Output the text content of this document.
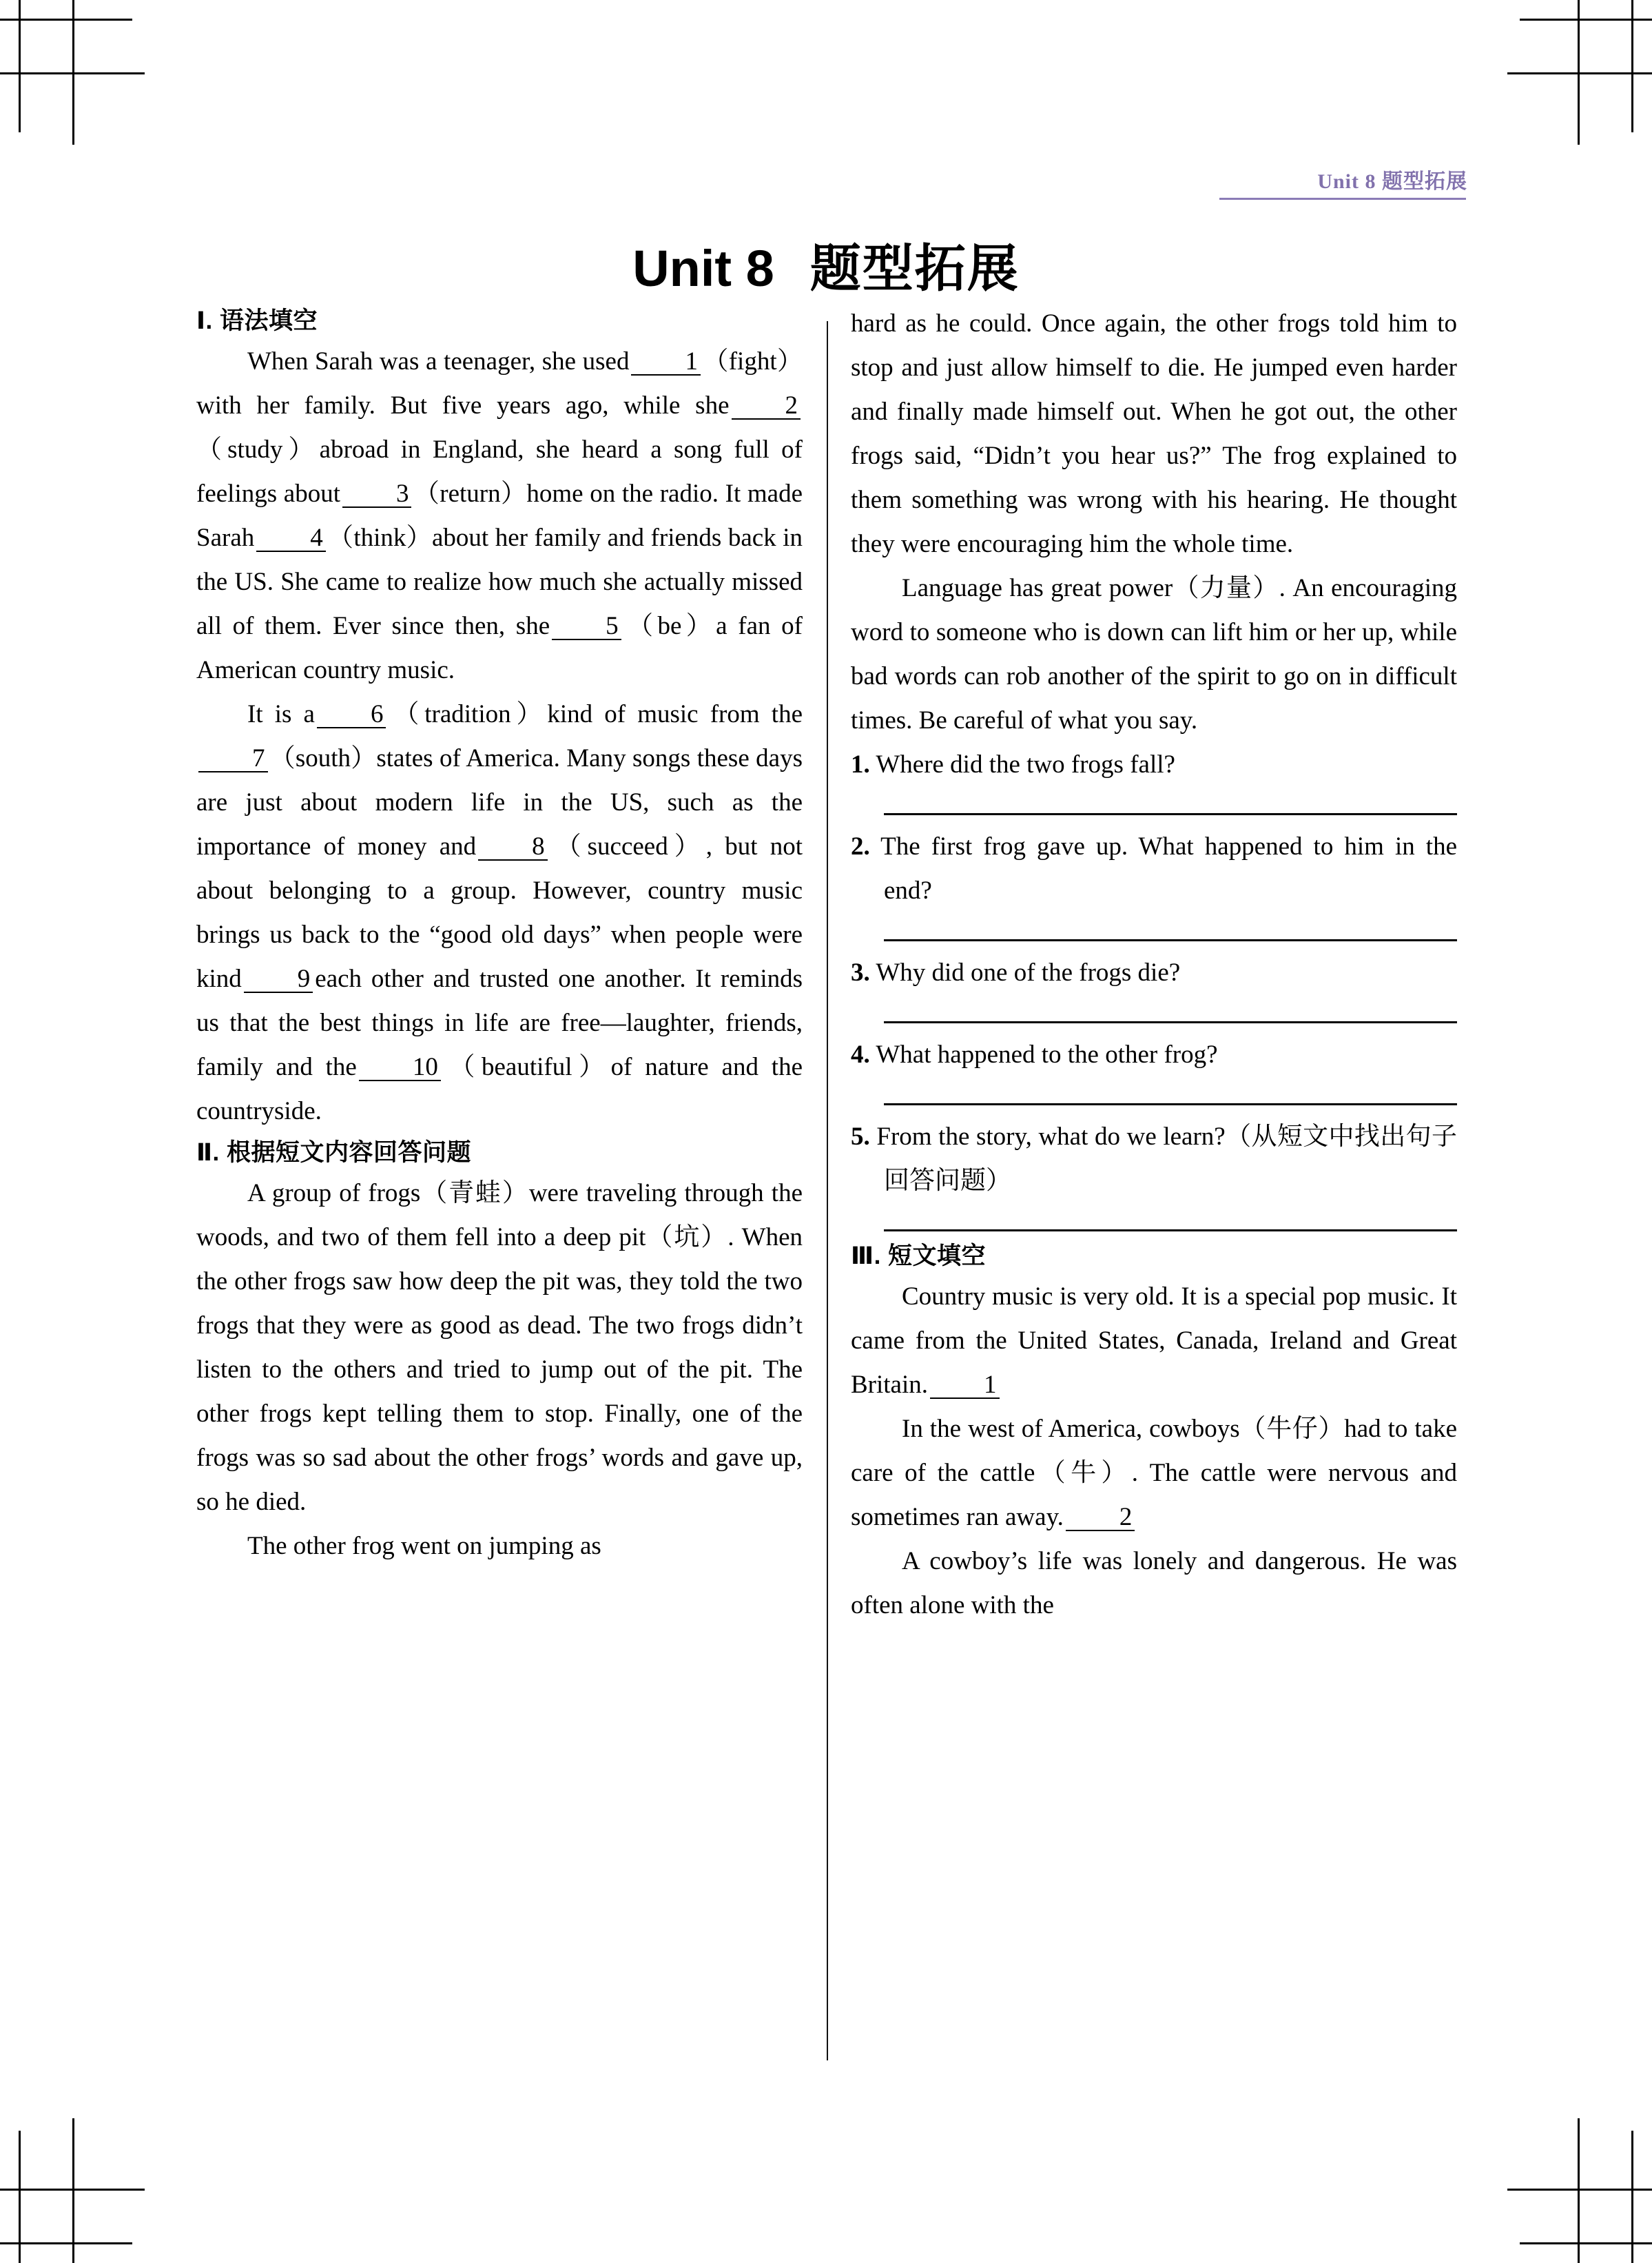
Unit 8 题型拓展
Unit 8 题型拓展
Ⅰ. 语法填空

When Sarah was a teenager, she used 1 （fight）with her family. But five years ago, while she 2（study）abroad in England, she heard a song full of feelings about 3 （return）home on the radio. It made Sarah 4 （think）about her family and friends back in the US. She came to realize how much she actually missed all of them. Ever since then, she 5 （be）a fan of American country music.

It is a 6 （tradition）kind of music from the7 （south）states of America. Many songs these days are just about modern life in the US, such as the importance of money and 8 （succeed）, but not about belonging to a group. However, country music brings us back to the “good old days” when people were kind 9 each other and trusted one another. It reminds us that the best things in life are free—laughter, friends, family and the 10 （beautiful）of nature and the countryside.

Ⅱ. 根据短文内容回答问题

A group of frogs（青蛙）were traveling through the woods, and two of them fell into a deep pit（坑）. When the other frogs saw how deep the pit was, they told the two frogs that they were as good as dead. The two frogs didn’t listen to the others and tried to jump out of the pit. The other frogs kept telling them to stop. Finally, one of the frogs was so sad about the other frogs’ words and gave up, so he died.

The other frog went on jumping as

hard as he could. Once again, the other frogs told him to stop and just allow himself to die. He jumped even harder and finally made himself out. When he got out, the other frogs said, “Didn’t you hear us?” The frog explained to them something was wrong with his hearing. He thought they were encouraging him the whole time.

Language has great power（力量）. An encouraging word to someone who is down can lift him or her up, while bad words can rob another of the spirit to go on in difficult times. Be careful of what you say.

1. Where did the two frogs fall?

2. The first frog gave up. What happened to him in the end?

3. Why did one of the frogs die?

4. What happened to the other frog?

5. From the story, what do we learn?（从短文中找出句子回答问题）

Ⅲ. 短文填空

Country music is very old. It is a special pop music. It came from the United States, Canada, Ireland and Great Britain. 1

In the west of America, cowboys（牛仔）had to take care of the cattle（牛）. The cattle were nervous and sometimes ran away. 2

A cowboy’s life was lonely and dangerous. He was often alone with the
